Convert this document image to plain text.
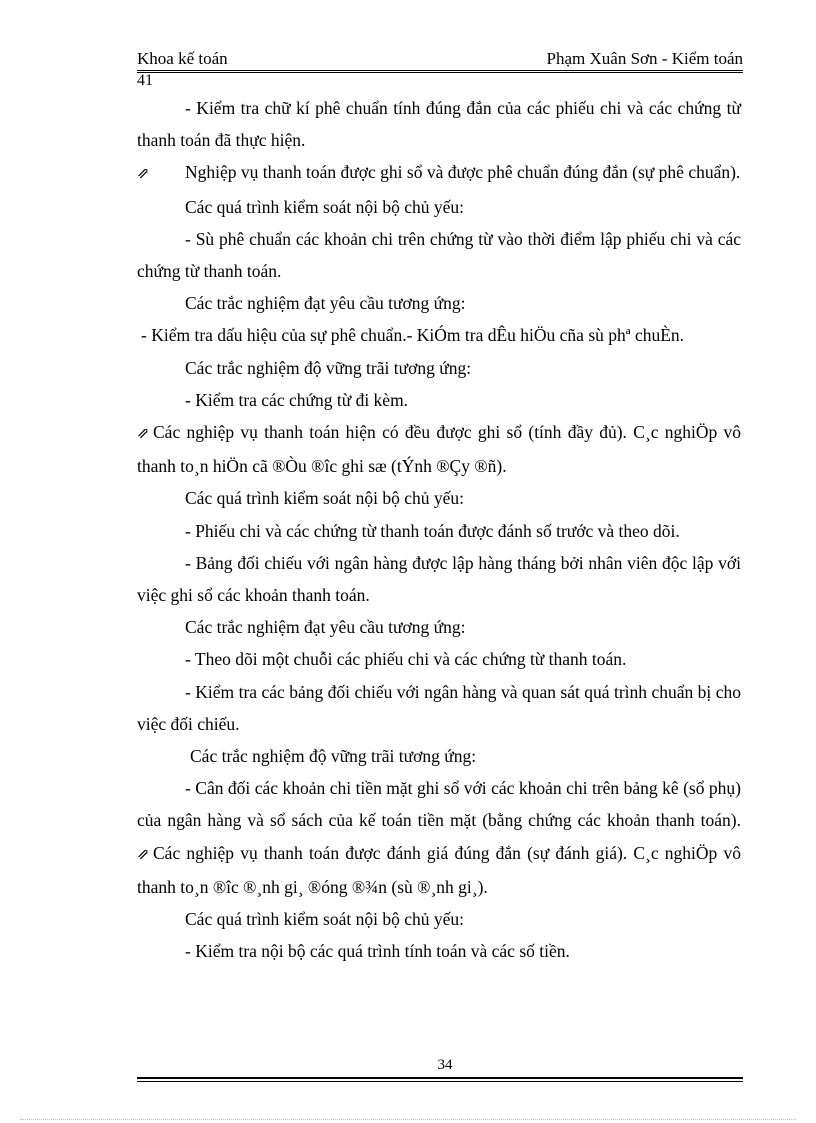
Khoa kế toán	Phạm Xuân Sơn - Kiểm toán
41

- Kiểm tra chữ kí phê chuẩn tính đúng đắn của các phiếu chi và các chứng từ thanh toán đã thực hiện.

⇗ Nghiệp vụ thanh toán được ghi sổ và được phê chuẩn đúng đắn (sự phê chuẩn).

Các quá trình kiểm soát nội bộ chủ yếu:

- Sù phê chuẩn các khoản chi trên chứng từ vào thời điểm lập phiếu chi và các chứng từ thanh toán.

Các trắc nghiệm đạt yêu cầu tương ứng:

- Kiểm tra dấu hiệu của sự phê chuẩn.- KiÓm tra dÊu hiÖu cña sù phª chuÈn.

Các trắc nghiệm độ vững trãi tương ứng:

- Kiểm tra các chứng từ đi kèm.

⇗ Các nghiệp vụ thanh toán hiện có đều được ghi sổ (tính đầy đủ). C¸c nghiÖp vô thanh to¸n hiÖn cã ®Òu ®îc ghi sæ (tÝnh ®Çy ®ñ).

Các quá trình kiểm soát nội bộ chủ yếu:

- Phiếu chi và các chứng từ thanh toán được đánh số trước và theo dõi.

- Bảng đối chiếu với ngân hàng được lập hàng tháng bởi nhân viên độc lập với việc ghi sổ các khoản thanh toán.

Các trắc nghiệm đạt yêu cầu tương ứng:

- Theo dõi một chuỗi các phiếu chi và các chứng từ thanh toán.

- Kiểm tra các bảng đối chiếu với ngân hàng và quan sát quá trình chuẩn bị cho việc đối chiếu.

Các trắc nghiệm độ vững trãi tương ứng:

- Cân đối các khoản chi tiền mặt ghi sổ với các khoản chi trên bảng kê (sổ phụ) của ngân hàng và sổ sách của kế toán tiền mặt (bằng chứng các khoản thanh toán).

⇗ Các nghiệp vụ thanh toán được đánh giá đúng đắn (sự đánh giá). C¸c nghiÖp vô thanh to¸n ®îc ®¸nh gi¸ ®óng ®¾n (sù ®¸nh gi¸).

Các quá trình kiểm soát nội bộ chủ yếu:

- Kiểm tra nội bộ các quá trình tính toán và các số tiền.

34
